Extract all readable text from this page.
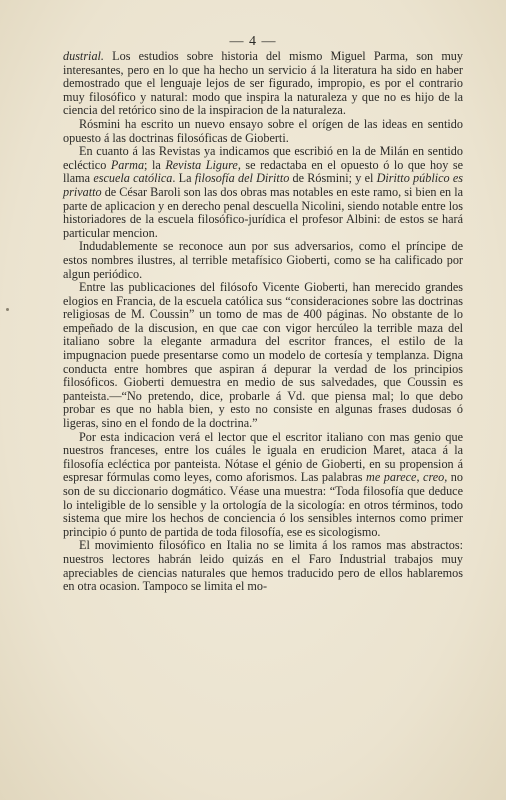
— 4 —

dustrial. Los estudios sobre historia del mismo Miguel Parma, son muy interesantes, pero en lo que ha hecho un servicio á la literatura ha sido en haber demostrado que el lenguaje lejos de ser figurado, impropio, es por el contrario muy filosófico y natural: modo que inspira la naturaleza y que no es hijo de la ciencia del retórico sino de la inspiracion de la naturaleza.

Rósmini ha escrito un nuevo ensayo sobre el orígen de las ideas en sentido opuesto á las doctrinas filosóficas de Gioberti.

En cuanto á las Revistas ya indicamos que escribió en la de Milán en sentido ecléctico Parma; la Revista Ligure, se redactaba en el opuesto ó lo que hoy se llama escuela católica. La filosofía del Diritto de Rósmini; y el Diritto público es privatto de César Baroli son las dos obras mas notables en este ramo, si bien en la parte de aplicacion y en derecho penal descuella Nicolini, siendo notable entre los historiadores de la escuela filosófico-jurídica el profesor Albini: de estos se hará particular mencion.

Indudablemente se reconoce aun por sus adversarios, como el príncipe de estos nombres ilustres, al terrible metafísico Gioberti, como se ha calificado por algun periódico.

Entre las publicaciones del filósofo Vicente Gioberti, han merecido grandes elogios en Francia, de la escuela católica sus “consideraciones sobre las doctrinas religiosas de M. Coussin” un tomo de mas de 400 páginas. No obstante de lo empeñado de la discusion, en que cae con vigor hercúleo la terrible maza del italiano sobre la elegante armadura del escritor frances, el estilo de la impugnacion puede presentarse como un modelo de cortesía y templanza. Digna conducta entre hombres que aspiran á depurar la verdad de los principios filosóficos. Gioberti demuestra en medio de sus salvedades, que Coussin es panteista.—“No pretendo, dice, probarle á Vd. que piensa mal; lo que debo probar es que no habla bien, y esto no consiste en algunas frases dudosas ó ligeras, sino en el fondo de la doctrina.”

Por esta indicacion verá el lector que el escritor italiano con mas genio que nuestros franceses, entre los cuáles le iguala en erudicion Maret, ataca á la filosofía ecléctica por panteista. Nótase el génio de Gioberti, en su propension á espresar fórmulas como leyes, como aforismos. Las palabras me parece, creo, no son de su diccionario dogmático. Véase una muestra: “Toda filosofía que deduce lo inteligible de lo sensible y la ortología de la sicología: en otros términos, todo sistema que mire los hechos de conciencia ó los sensibles internos como primer principio ó punto de partida de toda filosofía, ese es sicologismo.

El movimiento filosófico en Italia no se limita á los ramos mas abstractos: nuestros lectores habrán leido quizás en el Faro Industrial trabajos muy apreciables de ciencias naturales que hemos traducido pero de ellos hablaremos en otra ocasion. Tampoco se limita el mo-
